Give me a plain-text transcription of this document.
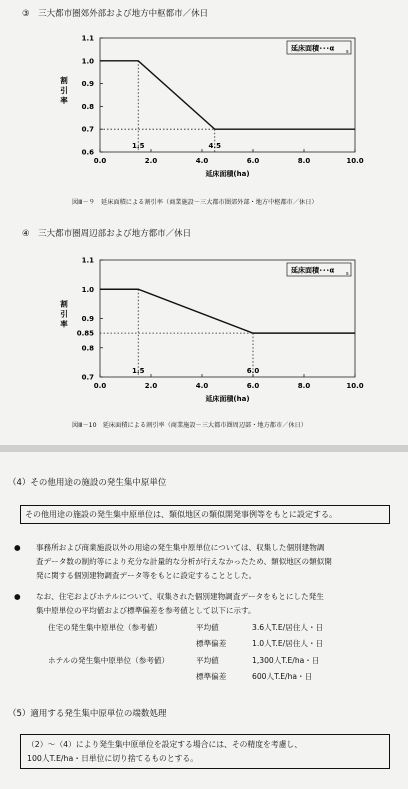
③　三大都市圏郊外部および地方中枢都市／休日
0.0	2.0	4.0	6.0	8.0	10.0
0.6
0.7
0.8
0.9
1.0
1.1
割
引
率
延床面積(ha)
1.5	4.5
延床面積･･･α s
図Ⅲ－９　延床面積による割引率（商業施設－三大都市圏郊外部・地方中枢都市／休日）
④　三大都市圏周辺部および地方都市／休日
0.0	2.0	4.0	6.0	8.0	10.0
0.7
0.8
0.9
1.0
1.1
割
引
率
0.85
延床面積(ha)
1.5	6.0
延床面積･･･α s
図Ⅲ－10　延床面積による割引率（商業施設－三大都市圏周辺部・地方都市／休日）
（4）その他用途の施設の発生集中原単位
その他用途の施設の発生集中原単位は、類似地区の類似開発事例等をもとに設定する。
● 事務所および商業施設以外の用途の発生集中原単位については、収集した個別建物調
査データ数の制約等により充分な計量的な分析が行えなかったため、類似地区の類似開
発に関する個別建物調査データ等をもとに設定することとした。
● なお、住宅およびホテルについて、収集された個別建物調査データをもとにした発生
集中原単位の平均値および標準偏差を参考値として以下に示す。
住宅の発生集中原単位（参考値）	平均値	3.6人T.E/居住人・日
標準偏差	1.0人T.E/居住人・日
ホテルの発生集中原単位（参考値）	平均値	1,300人T.E/ha・日
標準偏差	600人T.E/ha・日
（5）適用する発生集中原単位の端数処理
（2）～（4）により発生集中原単位を設定する場合には、その精度を考慮し、
100人T.E/ha・日単位に切り捨てるものとする。
